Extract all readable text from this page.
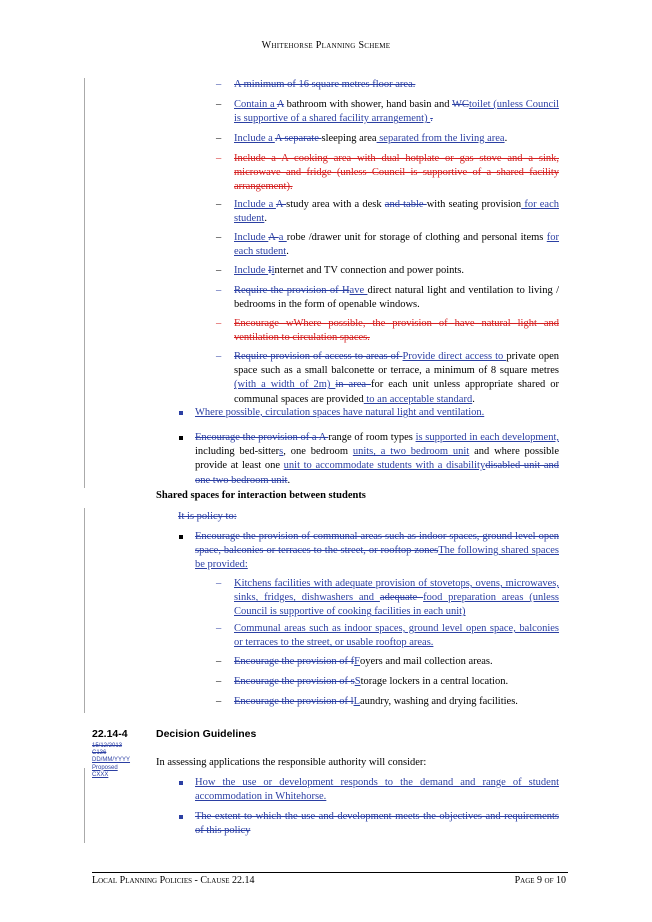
Whitehorse Planning Scheme
– A minimum of 16 square metres floor area.
– Contain a A bathroom with shower, hand basin and WCtoilet (unless Council is supportive of a shared facility arrangement) .
– Include a A separate sleeping area separated from the living area.
– Include a A cooking area with dual hotplate or gas stove and a sink, microwave and fridge (unless Council is supportive of a shared facility arrangement).
– Include a A study area with a desk and table with seating provision for each student.
– Include A a robe /drawer unit for storage of clothing and personal items for each student.
– Include Iinternet and TV connection and power points.
– Require the provision of Have direct natural light and ventilation to living / bedrooms in the form of openable windows.
– Encourage wWhere possible, the provision of have natural light and ventilation to circulation spaces.
– Require provision of access to areas of Provide direct access to private open space such as a small balconette or terrace, a minimum of 8 square metres (with a width of 2m) in area for each unit unless appropriate shared or communal spaces are provided to an acceptable standard.
Where possible, circulation spaces have natural light and ventilation.
Encourage the provision of a A range of room types is supported in each development, including bed-sitters, one bedroom units, a two bedroom unit and where possible provide at least one unit to accommodate students with a disabilitydisabled unit and one two bedroom unit.
Shared spaces for interaction between students
It is policy to:
Encourage the provision of communal areas such as indoor spaces, ground level open space, balconies or terraces to the street, or rooftop zonesThe following shared spaces be provided:
– Kitchens facilities with adequate provision of stovetops, ovens, microwaves, sinks, fridges, dishwashers and adequate food preparation areas (unless Council is supportive of cooking facilities in each unit)
– Communal areas such as indoor spaces, ground level open space, balconies or terraces to the street, or usable rooftop areas.
– Encourage the provision of fFoyers and mail collection areas.
– Encourage the provision of sStorage lockers in a central location.
– Encourage the provision of lLaundry, washing and drying facilities.
22.14-4	Decision Guidelines
15/12/2013
C136
DD/MM/YYYY
Proposed
CXXX
In assessing applications the responsible authority will consider:
How the use or development responds to the demand and range of student accommodation in Whitehorse.
The extent to which the use and development meets the objectives and requirements of this policy
Local Planning Policies - Clause 22.14	Page 9 of 10
